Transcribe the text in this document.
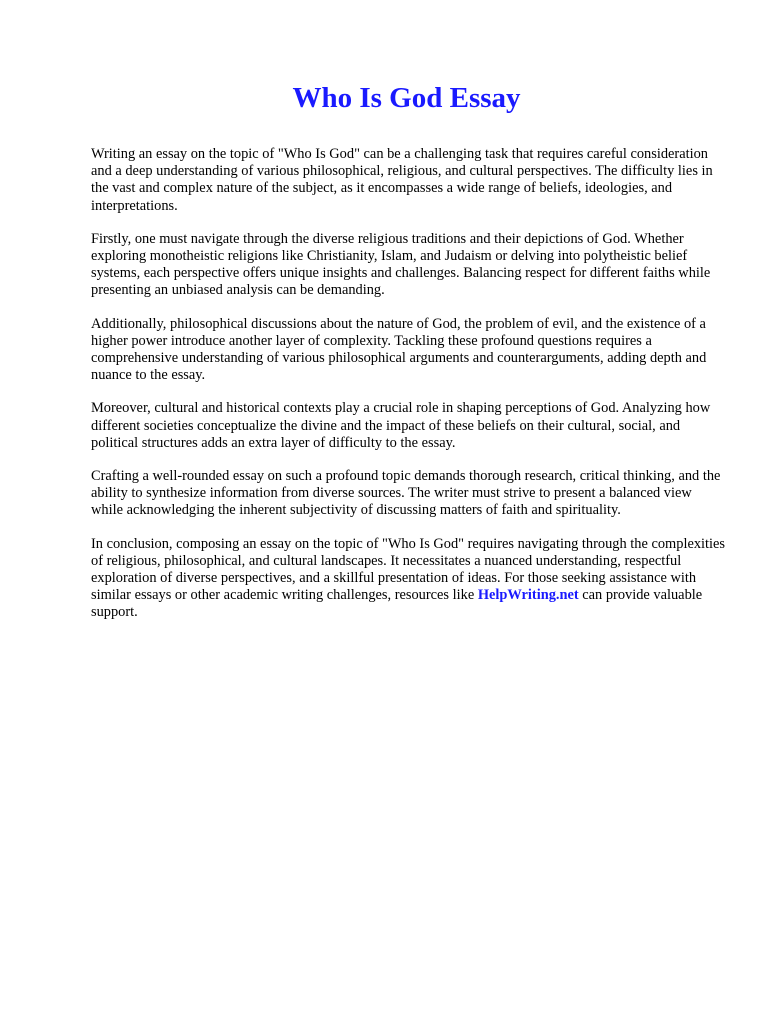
Who Is God Essay

Writing an essay on the topic of "Who Is God" can be a challenging task that requires careful consideration and a deep understanding of various philosophical, religious, and cultural perspectives. The difficulty lies in the vast and complex nature of the subject, as it encompasses a wide range of beliefs, ideologies, and interpretations.

Firstly, one must navigate through the diverse religious traditions and their depictions of God. Whether exploring monotheistic religions like Christianity, Islam, and Judaism or delving into polytheistic belief systems, each perspective offers unique insights and challenges. Balancing respect for different faiths while presenting an unbiased analysis can be demanding.

Additionally, philosophical discussions about the nature of God, the problem of evil, and the existence of a higher power introduce another layer of complexity. Tackling these profound questions requires a comprehensive understanding of various philosophical arguments and counterarguments, adding depth and nuance to the essay.

Moreover, cultural and historical contexts play a crucial role in shaping perceptions of God. Analyzing how different societies conceptualize the divine and the impact of these beliefs on their cultural, social, and political structures adds an extra layer of difficulty to the essay.

Crafting a well-rounded essay on such a profound topic demands thorough research, critical thinking, and the ability to synthesize information from diverse sources. The writer must strive to present a balanced view while acknowledging the inherent subjectivity of discussing matters of faith and spirituality.

In conclusion, composing an essay on the topic of "Who Is God" requires navigating through the complexities of religious, philosophical, and cultural landscapes. It necessitates a nuanced understanding, respectful exploration of diverse perspectives, and a skillful presentation of ideas. For those seeking assistance with similar essays or other academic writing challenges, resources like HelpWriting.net can provide valuable support.
